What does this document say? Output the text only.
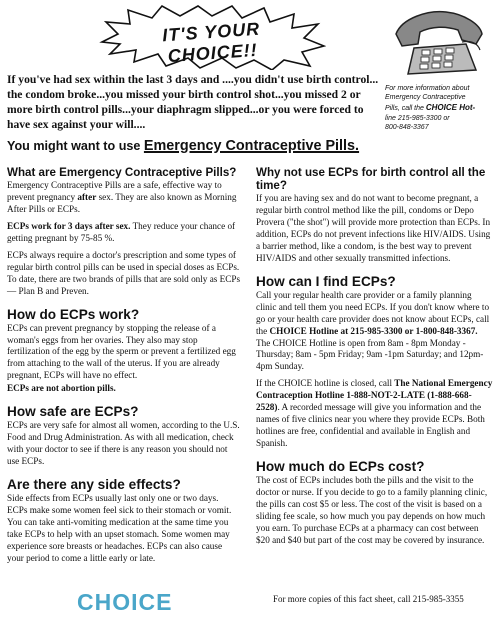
IT'S YOUR CHOICE!!
For more information about
Emergency Contraceptive
Pills, call the CHOICE Hot-
line 215-985-3300 or
800-848-3367
If you've had sex within the last 3 days and ....you didn't use birth control... the condom broke...you missed your birth control shot...you missed 2 or more birth control pills...your diaphragm slipped...or you were forced to have sex against your will....
You might want to use Emergency Contraceptive Pills.
What are Emergency Contraceptive Pills?

Emergency Contraceptive Pills are a safe, effective way to prevent pregnancy after sex. They are also known as Morning After Pills or ECPs.

ECPs work for 3 days after sex. They reduce your chance of getting pregnant by 75-85 %.

ECPs always require a doctor's prescription and some types of regular birth control pills can be used in special doses as ECPs. To date, there are two brands of pills that are sold only as ECPs — Plan B and Preven.

How do ECPs work?

ECPs can prevent pregnancy by stopping the release of a woman's eggs from her ovaries. They also may stop fertilization of the egg by the sperm or prevent a fertilized egg from attaching to the wall of the uterus. If you are already pregnant, ECPs will have no effect.

ECPs are not abortion pills.

How safe are ECPs?

ECPs are very safe for almost all women, according to the U.S. Food and Drug Administration. As with all medication, check with your doctor to see if there is any reason you should not use ECPs.

Are there any side effects?

Side effects from ECPs usually last only one or two days. ECPs make some women feel sick to their stomach or vomit. You can take anti-vomiting medication at the same time you take ECPs to help with an upset stomach. Some women may experience sore breasts or headaches. ECPs can also cause your period to come a little early or late.

Why not use ECPs for birth control all the time?

If you are having sex and do not want to become pregnant, a regular birth control method like the pill, condoms or Depo Provera ("the shot") will provide more protection than ECPs. In addition, ECPs do not prevent infections like HIV/AIDS. Using a barrier method, like a condom, is the best way to prevent HIV/AIDS and other sexually transmitted infections.

How can I find ECPs?

Call your regular health care provider or a family planning clinic and tell them you need ECPs. If you don't know where to go or your health care provider does not know about ECPs, call the CHOICE Hotline at 215-985-3300 or 1-800-848-3367. The CHOICE Hotline is open from 8am - 8pm Monday - Thursday; 8am - 5pm Friday; 9am -1pm Saturday; and 12pm-4pm Sunday.

If the CHOICE hotline is closed, call The National Emergency Contraception Hotline 1-888-NOT-2-LATE (1-888-668-2528). A recorded message will give you information and the names of five clinics near you where they provide ECPs. Both hotlines are free, confidential and available in English and Spanish.

How much do ECPs cost?

The cost of ECPs includes both the pills and the visit to the doctor or nurse. If you decide to go to a family planning clinic, the pills can cost $5 or less. The cost of the visit is based on a sliding fee scale, so how much you pay depends on how much you earn. To purchase ECPs at a pharmacy can cost between $20 and $40 but part of the cost may be covered by insurance.

CHOICE	For more copies of this fact sheet, call 215-985-3355
